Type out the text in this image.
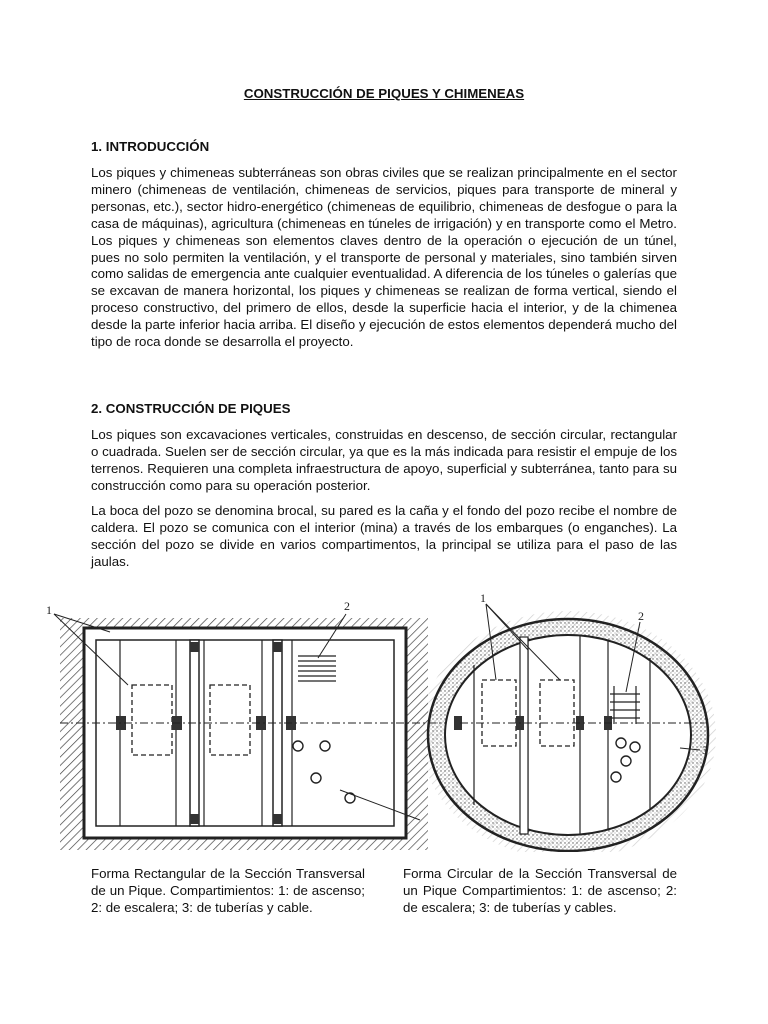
CONSTRUCCIÓN DE PIQUES Y CHIMENEAS
1. INTRODUCCIÓN

Los piques y chimeneas subterráneas son obras civiles que se realizan principalmente en el sector minero (chimeneas de ventilación, chimeneas de servicios, piques para transporte de mineral y personas, etc.), sector hidro-energético (chimeneas de equilibrio, chimeneas de desfogue o para la casa de máquinas), agricultura (chimeneas en túneles de irrigación) y en transporte como el Metro. Los piques y chimeneas son elementos claves dentro de la operación o ejecución de un túnel, pues no solo permiten la ventilación, y el transporte de personal y materiales, sino también sirven como salidas de emergencia ante cualquier eventualidad. A diferencia de los túneles o galerías que se excavan de manera horizontal, los piques y chimeneas se realizan de forma vertical, siendo el proceso constructivo, del primero de ellos, desde la superficie hacia el interior, y de la chimenea desde la parte inferior hacia arriba. El diseño y ejecución de estos elementos dependerá mucho del tipo de roca donde se desarrolla el proyecto.

2. CONSTRUCCIÓN DE PIQUES

Los piques son excavaciones verticales, construidas en descenso, de sección circular, rectangular o cuadrada. Suelen ser de sección circular, ya que es la más indicada para resistir el empuje de los terrenos. Requieren una completa infraestructura de apoyo, superficial y subterránea, tanto para su construcción como para su operación posterior.

La boca del pozo se denomina brocal, su pared es la caña y el fondo del pozo recibe el nombre de caldera. El pozo se comunica con el interior (mina) a través de los embarques (o enganches). La sección del pozo se divide en varios compartimentos, la principal se utiliza para el paso de las jaulas.

1	2
1
2
3

Forma Rectangular de la Sección Transversal de un Pique. Compartimientos: 1: de ascenso; 2: de escalera; 3: de tuberías y cable.

Forma Circular de la Sección Transversal de un Pique Compartimientos: 1: de ascenso; 2: de escalera; 3: de tuberías y cables.
